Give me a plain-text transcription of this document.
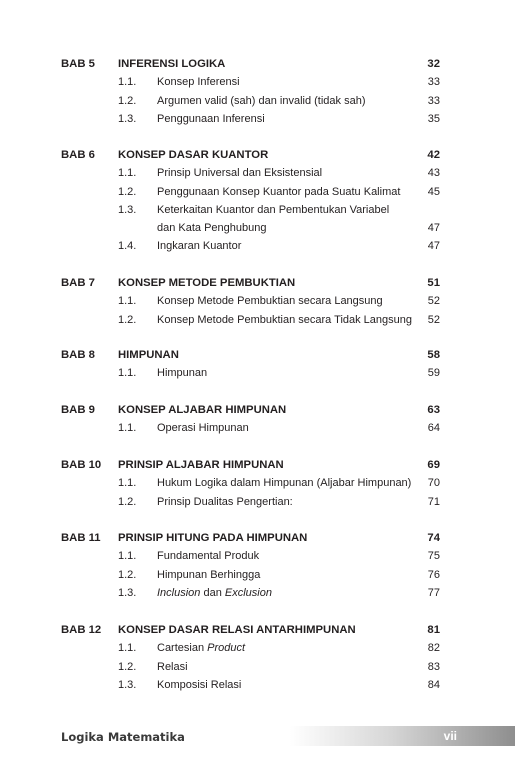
BAB 5 INFERENSI LOGIKA	32
1.1. Konsep Inferensi	33
1.2. Argumen valid (sah) dan invalid (tidak sah)	33
1.3. Penggunaan Inferensi	35
BAB 6 KONSEP DASAR KUANTOR	42
1.1. Prinsip Universal dan Eksistensial	43
1.2. Penggunaan Konsep Kuantor pada Suatu Kalimat 45
1.3. Keterkaitan Kuantor dan Pembentukan Variabel
dan Kata Penghubung	47
1.4. Ingkaran Kuantor	47
BAB 7 KONSEP METODE PEMBUKTIAN	51
1.1. Konsep Metode Pembuktian secara Langsung	52
1.2. Konsep Metode Pembuktian secara Tidak Langsung 52
BAB 8 HIMPUNAN	58
1.1. Himpunan	59
BAB 9 KONSEP ALJABAR HIMPUNAN	63
1.1. Operasi Himpunan	64
BAB 10 PRINSIP ALJABAR HIMPUNAN	69
1.1. Hukum Logika dalam Himpunan (Aljabar Himpunan) 70
1.2. Prinsip Dualitas Pengertian:	71
BAB 11 PRINSIP HITUNG PADA HIMPUNAN	74
1.1. Fundamental Produk	75
1.2. Himpunan Berhingga	76
1.3. Inclusion dan Exclusion	77
BAB 12 KONSEP DASAR RELASI ANTARHIMPUNAN	81
1.1. Cartesian Product	82
1.2. Relasi	83
1.3. Komposisi Relasi	84
Logika Matematika	vii
